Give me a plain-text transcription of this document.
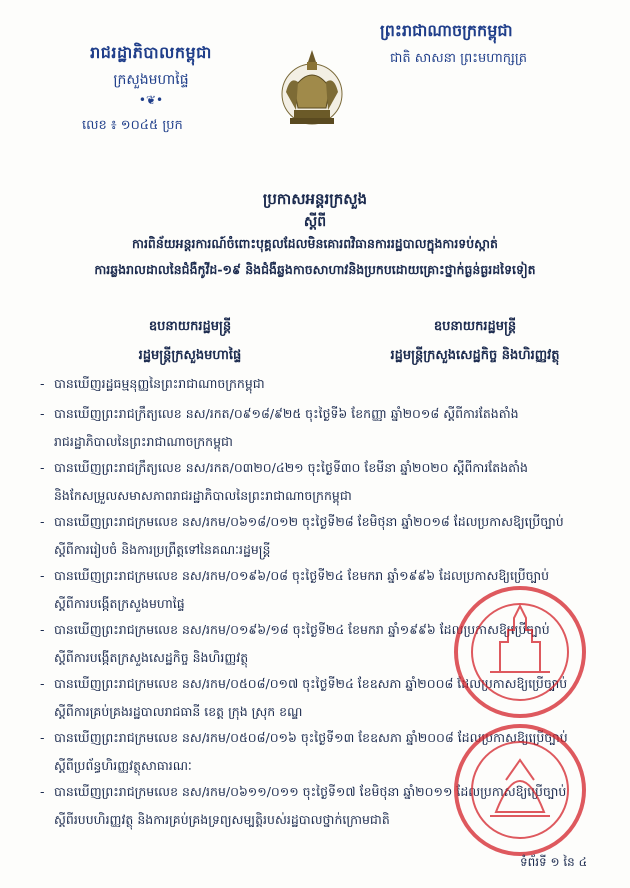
រាជរដ្ឋាភិបាលកម្ពុជា
ក្រសួងមហាផ្ទៃ
•❦•
លេខ ៖ ១០៤៥ ប្រក
ព្រះរាជាណាចក្រកម្ពុជា
ជាតិ សាសនា ព្រះមហាក្សត្រ
ប្រកាសអន្តរក្រសួង
ស្តីពី
ការពិន័យអន្តរការណ៍ចំពោះបុគ្គលដែលមិនគោរពវិធានការរដ្ឋបាលក្នុងការទប់ស្កាត់
ការឆ្លងរាលដាលនៃជំងឺកូវីដ-១៩ និងជំងឺឆ្លងកាចសាហាវនិងប្រកបដោយគ្រោះថ្នាក់ធ្ងន់ធ្ងរដទៃទៀត
ឧបនាយករដ្ឋមន្ត្រី
រដ្ឋមន្ត្រីក្រសួងមហាផ្ទៃ
ឧបនាយករដ្ឋមន្ត្រី
រដ្ឋមន្ត្រីក្រសួងសេដ្ឋកិច្ច និងហិរញ្ញវត្ថុ
- បានឃើញរដ្ឋធម្មនុញ្ញនៃព្រះរាជាណាចក្រកម្ពុជា
- បានឃើញព្រះរាជក្រឹត្យលេខ នស/រកត/០៩១៨/៩២៥ ចុះថ្ងៃទី៦ ខែកញ្ញា ឆ្នាំ២០១៨ ស្តីពីការតែងតាំង
រាជរដ្ឋាភិបាលនៃព្រះរាជាណាចក្រកម្ពុជា
- បានឃើញព្រះរាជក្រឹត្យលេខ នស/រកត/០៣២០/៤២១ ចុះថ្ងៃទី៣០ ខែមីនា ឆ្នាំ២០២០ ស្តីពីការតែងតាំង
និងកែសម្រួលសមាសភាពរាជរដ្ឋាភិបាលនៃព្រះរាជាណាចក្រកម្ពុជា
- បានឃើញព្រះរាជក្រមលេខ នស/រកម/០៦១៨/០១២ ចុះថ្ងៃទី២៨ ខែមិថុនា ឆ្នាំ២០១៨ ដែលប្រកាសឱ្យប្រើច្បាប់
ស្តីពីការរៀបចំ និងការប្រព្រឹត្តទៅនៃគណៈរដ្ឋមន្ត្រី
- បានឃើញព្រះរាជក្រមលេខ នស/រកម/០១៩៦/០៨ ចុះថ្ងៃទី២៤ ខែមករា ឆ្នាំ១៩៩៦ ដែលប្រកាសឱ្យប្រើច្បាប់
ស្តីពីការបង្កើតក្រសួងមហាផ្ទៃ
- បានឃើញព្រះរាជក្រមលេខ នស/រកម/០១៩៦/១៨ ចុះថ្ងៃទី២៤ ខែមករា ឆ្នាំ១៩៩៦ ដែលប្រកាសឱ្យប្រើច្បាប់
ស្តីពីការបង្កើតក្រសួងសេដ្ឋកិច្ច និងហិរញ្ញវត្ថុ
- បានឃើញព្រះរាជក្រមលេខ នស/រកម/០៥០៨/០១៧ ចុះថ្ងៃទី២៤ ខែឧសភា ឆ្នាំ២០០៨ ដែលប្រកាសឱ្យប្រើច្បាប់
ស្តីពីការគ្រប់គ្រងរដ្ឋបាលរាជធានី ខេត្ត ក្រុង ស្រុក ខណ្ឌ
- បានឃើញព្រះរាជក្រមលេខ នស/រកម/០៥០៨/០១៦ ចុះថ្ងៃទី១៣ ខែឧសភា ឆ្នាំ២០០៨ ដែលប្រកាសឱ្យប្រើច្បាប់
ស្តីពីប្រព័ន្ធហិរញ្ញវត្ថុសាធារណៈ
- បានឃើញព្រះរាជក្រមលេខ នស/រកម/០៦១១/០១១ ចុះថ្ងៃទី១៧ ខែមិថុនា ឆ្នាំ២០១១ ដែលប្រកាសឱ្យប្រើច្បាប់
ស្តីពីរបបហិរញ្ញវត្ថុ និងការគ្រប់គ្រងទ្រព្យសម្បត្តិរបស់រដ្ឋបាលថ្នាក់ក្រោមជាតិ
ទំព័រទី ១ នៃ ៤
